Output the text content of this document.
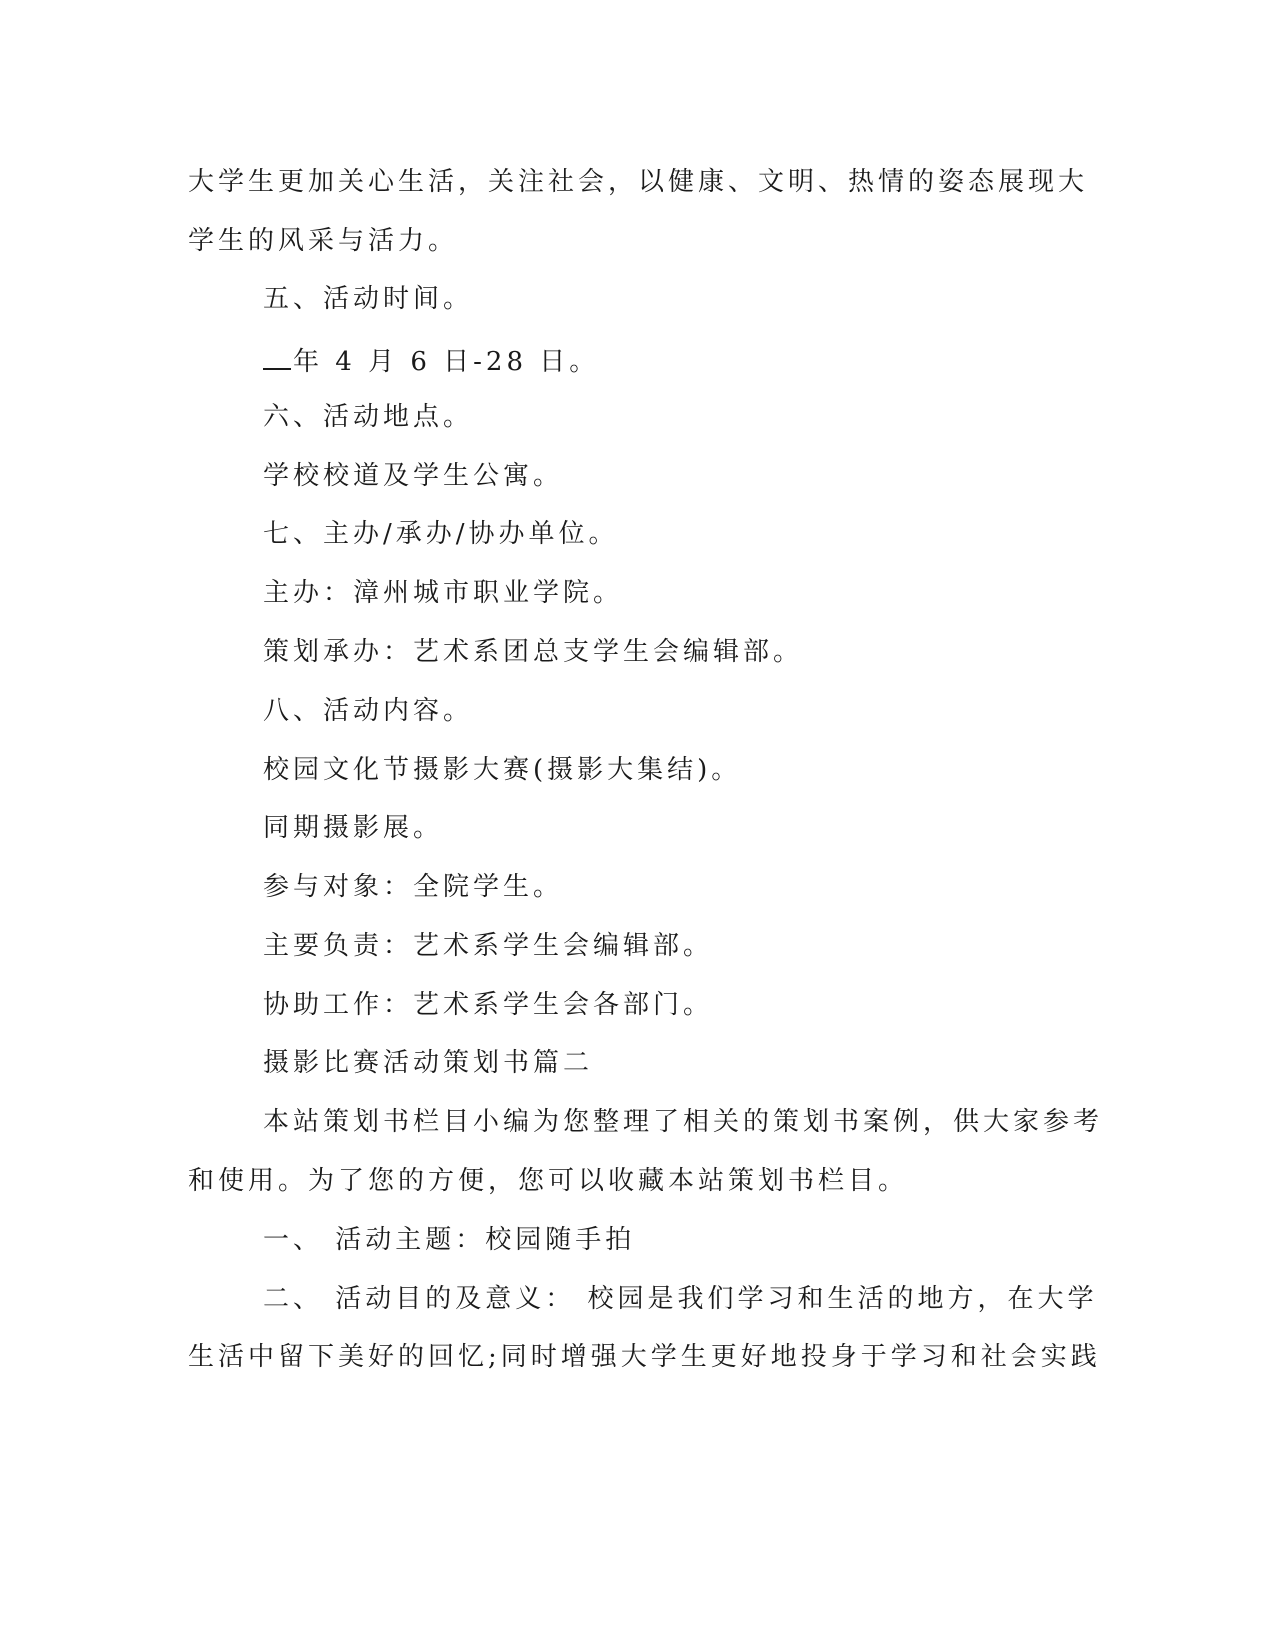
大学生更加关心生活，关注社会，以健康、文明、热情的姿态展现大
学生的风采与活力。
五、活动时间。
年 4 月 6 日-28 日。
六、活动地点。
学校校道及学生公寓。
七、主办/承办/协办单位。
主办：漳州城市职业学院。
策划承办：艺术系团总支学生会编辑部。
八、活动内容。
校园文化节摄影大赛(摄影大集结)。
同期摄影展。
参与对象：全院学生。
主要负责：艺术系学生会编辑部。
协助工作：艺术系学生会各部门。
摄影比赛活动策划书篇二
本站策划书栏目小编为您整理了相关的策划书案例，供大家参考
和使用。为了您的方便，您可以收藏本站策划书栏目。
一、 活动主题：校园随手拍
二、 活动目的及意义： 校园是我们学习和生活的地方，在大学
生活中留下美好的回忆;同时增强大学生更好地投身于学习和社会实践
